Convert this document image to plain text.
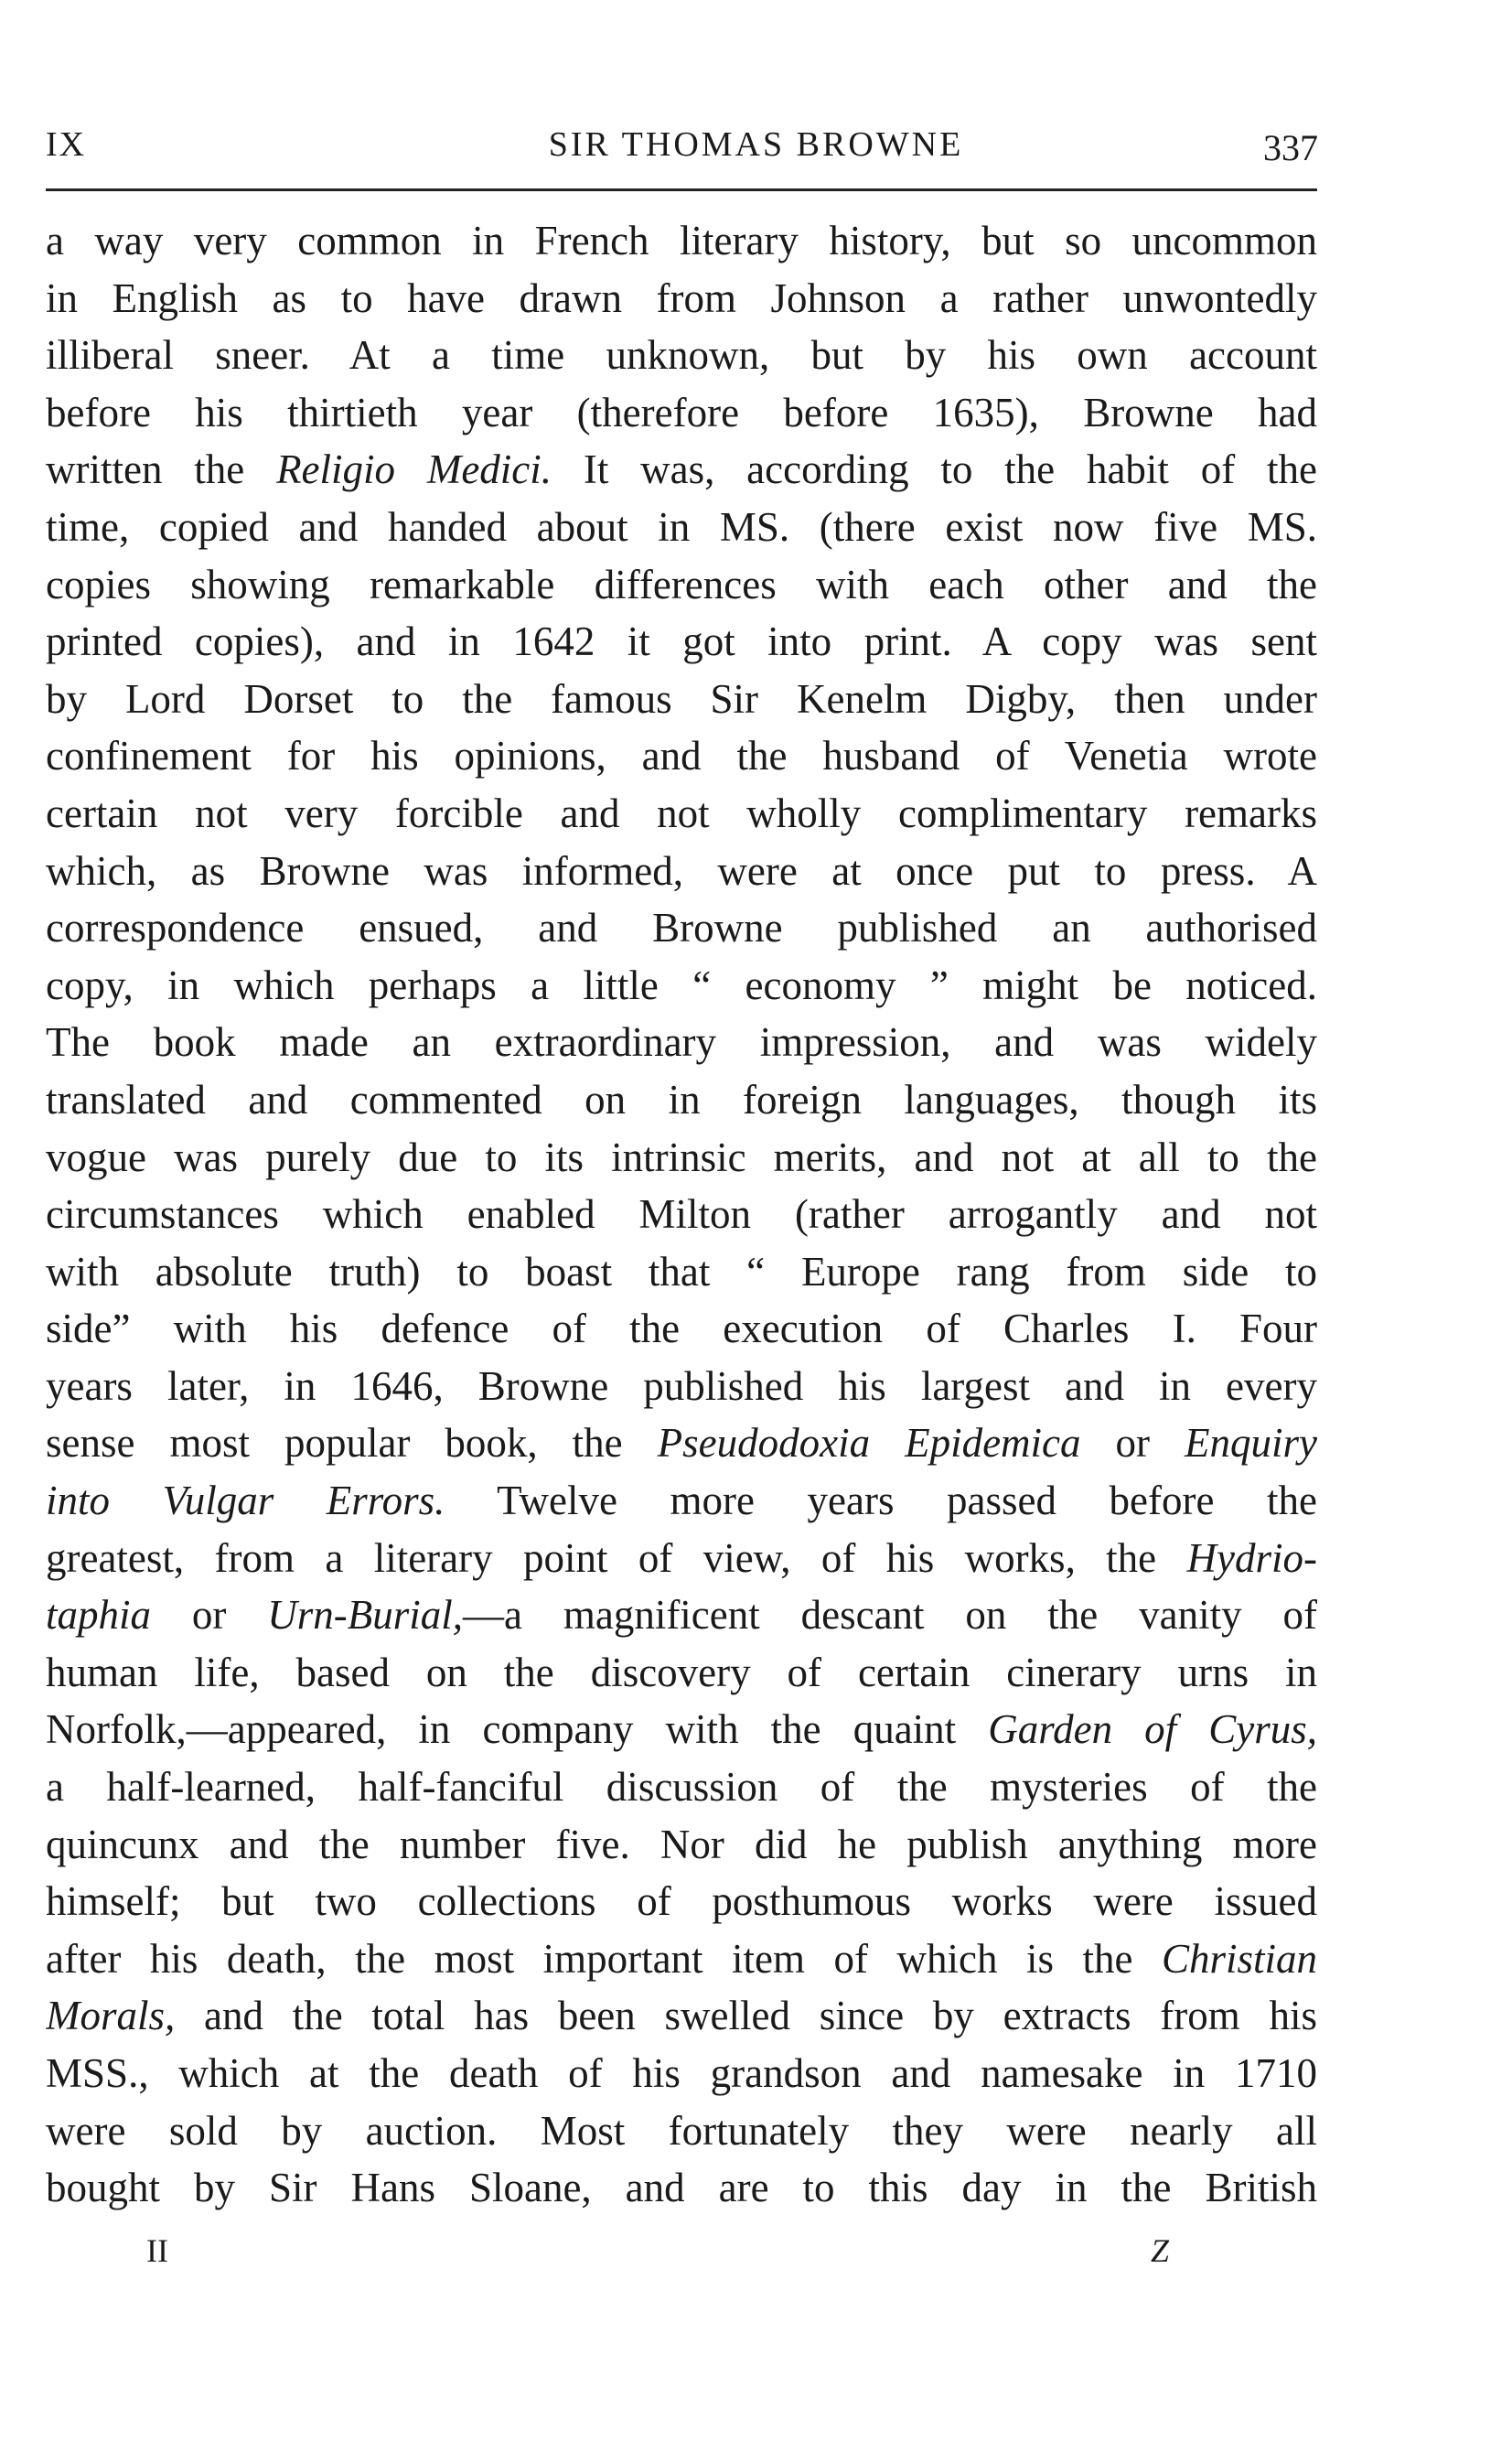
IX	SIR THOMAS BROWNE	337
a way very common in French literary history, but so uncommon
in English as to have drawn from Johnson a rather unwontedly
illiberal sneer. At a time unknown, but by his own account
before his thirtieth year (therefore before 1635), Browne had
written the Religio Medici. It was, according to the habit of the
time, copied and handed about in MS. (there exist now five MS.
copies showing remarkable differences with each other and the
printed copies), and in 1642 it got into print. A copy was sent
by Lord Dorset to the famous Sir Kenelm Digby, then under
confinement for his opinions, and the husband of Venetia wrote
certain not very forcible and not wholly complimentary remarks
which, as Browne was informed, were at once put to press. A
correspondence ensued, and Browne published an authorised
copy, in which perhaps a little “ economy ” might be noticed.
The book made an extraordinary impression, and was widely
translated and commented on in foreign languages, though its
vogue was purely due to its intrinsic merits, and not at all to the
circumstances which enabled Milton (rather arrogantly and not
with absolute truth) to boast that “ Europe rang from side to
side” with his defence of the execution of Charles I. Four
years later, in 1646, Browne published his largest and in every
sense most popular book, the Pseudodoxia Epidemica or Enquiry
into Vulgar Errors. Twelve more years passed before the
greatest, from a literary point of view, of his works, the Hydrio-
taphia or Urn-Burial,—a magnificent descant on the vanity of
human life, based on the discovery of certain cinerary urns in
Norfolk,—appeared, in company with the quaint Garden of Cyrus,
a half-learned, half-fanciful discussion of the mysteries of the
quincunx and the number five. Nor did he publish anything more
himself; but two collections of posthumous works were issued
after his death, the most important item of which is the Christian
Morals, and the total has been swelled since by extracts from his
MSS., which at the death of his grandson and namesake in 1710
were sold by auction. Most fortunately they were nearly all
bought by Sir Hans Sloane, and are to this day in the British
II	Z
